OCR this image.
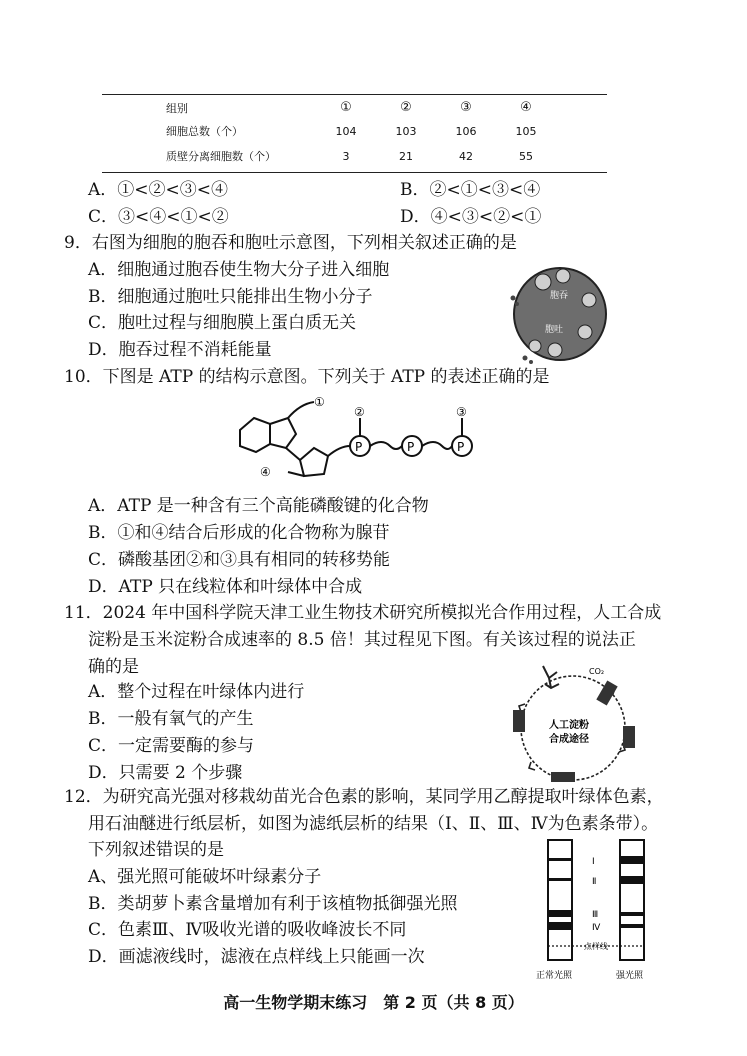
组别	①	②	③	④
细胞总数（个）	104	103	106	105
质壁分离细胞数（个）	3	21	42	55
A．①<②<③<④	B．②<①<③<④
C．③<④<①<②	D．④<③<②<①
9．右图为细胞的胞吞和胞吐示意图，下列相关叙述正确的是
A．细胞通过胞吞使生物大分子进入细胞
B．细胞通过胞吐只能排出生物小分子
C．胞吐过程与细胞膜上蛋白质无关
D．胞吞过程不消耗能量
胞吞
胞吐
10．下图是 ATP 的结构示意图。下列关于 ATP 的表述正确的是
P	P	P
①
②	③
④
A．ATP 是一种含有三个高能磷酸键的化合物
B．①和④结合后形成的化合物称为腺苷
C．磷酸基团②和③具有相同的转移势能
D．ATP 只在线粒体和叶绿体中合成
11．2024 年中国科学院天津工业生物技术研究所模拟光合作用过程，人工合成
淀粉是玉米淀粉合成速率的 8.5 倍！其过程见下图。有关该过程的说法正
确的是
A．整个过程在叶绿体内进行
B．一般有氧气的产生
C．一定需要酶的参与
D．只需要 2 个步骤
CO₂
人工淀粉
合成途径
12．为研究高光强对移栽幼苗光合色素的影响，某同学用乙醇提取叶绿体色素，
用石油醚进行纸层析，如图为滤纸层析的结果（Ⅰ、Ⅱ、Ⅲ、Ⅳ为色素条带）。
下列叙述错误的是
A、强光照可能破坏叶绿素分子
B．类胡萝卜素含量增加有利于该植物抵御强光照
C．色素Ⅲ、Ⅳ吸收光谱的吸收峰波长不同
D．画滤液线时，滤液在点样线上只能画一次
Ⅰ
Ⅱ
Ⅲ
Ⅳ
点样线
正常光照	强光照
高一生物学期末练习　第 2 页（共 8 页）
